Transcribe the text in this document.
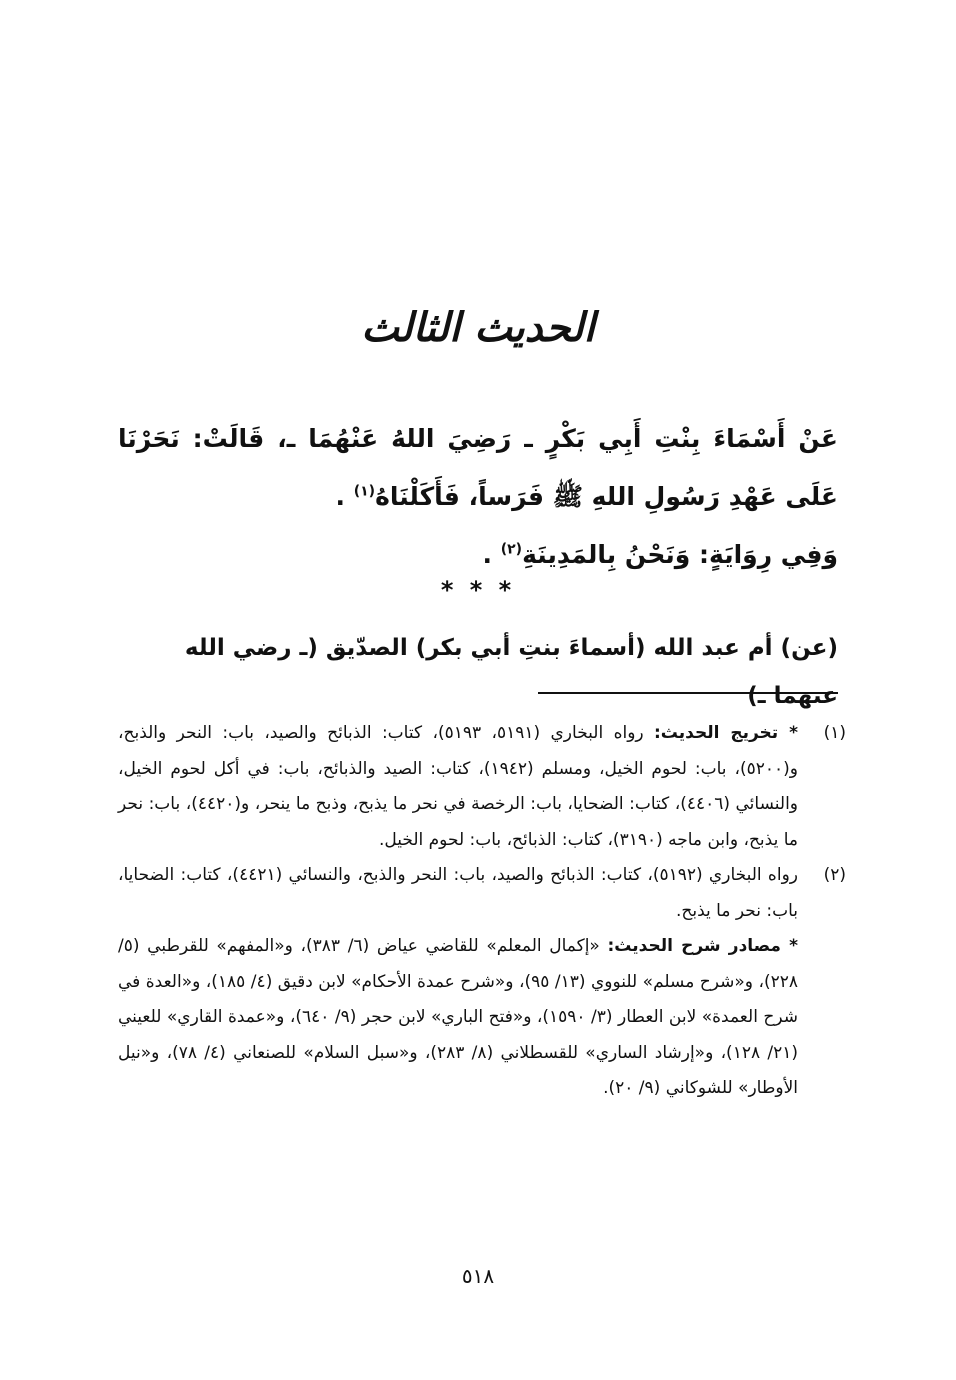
الحديث الثالث

عَنْ أَسْمَاءَ بِنْتِ أَبِي بَكْرٍ ـ رَضِيَ اللهُ عَنْهُمَا ـ، قَالَتْ: نَحَرْنَا عَلَى عَهْدِ رَسُولِ اللهِ ﷺ فَرَساً، فَأَكَلْنَاهُ$^{(١)}$ .

وَفِي رِوَايَةٍ: وَنَحْنُ بِالمَدِينَةِ$^{(٢)}$ .

* * *
(عن) أم عبد الله (أسماءَ بنتِ أبي بكر) الصدّيق (ـ رضي الله عنهما ـ)
(١)

* تخريج الحديث: رواه البخاري (٥١٩١، ٥١٩٣)، كتاب: الذبائح والصيد، باب: النحر والذبح، و(٥٢٠٠)، باب: لحوم الخيل، ومسلم (١٩٤٢)، كتاب: الصيد والذبائح، باب: في أكل لحوم الخيل، والنسائي (٤٤٠٦)، كتاب: الضحايا، باب: الرخصة في نحر ما يذبح، وذبح ما ينحر، و(٤٤٢٠)، باب: نحر ما يذبح، وابن ماجه (٣١٩٠)، كتاب: الذبائح، باب: لحوم الخيل.

(٢)

رواه البخاري (٥١٩٢)، كتاب: الذبائح والصيد، باب: النحر والذبح، والنسائي (٤٤٢١)، كتاب: الضحايا، باب: نحر ما يذبح.

* مصادر شرح الحديث: «إكمال المعلم» للقاضي عياض (٦/ ٣٨٣)، و«المفهم» للقرطبي (٥/ ٢٢٨)، و«شرح مسلم» للنووي (١٣/ ٩٥)، و«شرح عمدة الأحكام» لابن دقيق (٤/ ١٨٥)، و«العدة في شرح العمدة» لابن العطار (٣/ ١٥٩٠)، و«فتح الباري» لابن حجر (٩/ ٦٤٠)، و«عمدة القاري» للعيني (٢١/ ١٢٨)، و«إرشاد الساري» للقسطلاني (٨/ ٢٨٣)، و«سبل السلام» للصنعاني (٤/ ٧٨)، و«نيل الأوطار» للشوكاني (٩/ ٢٠).

٥١٨
